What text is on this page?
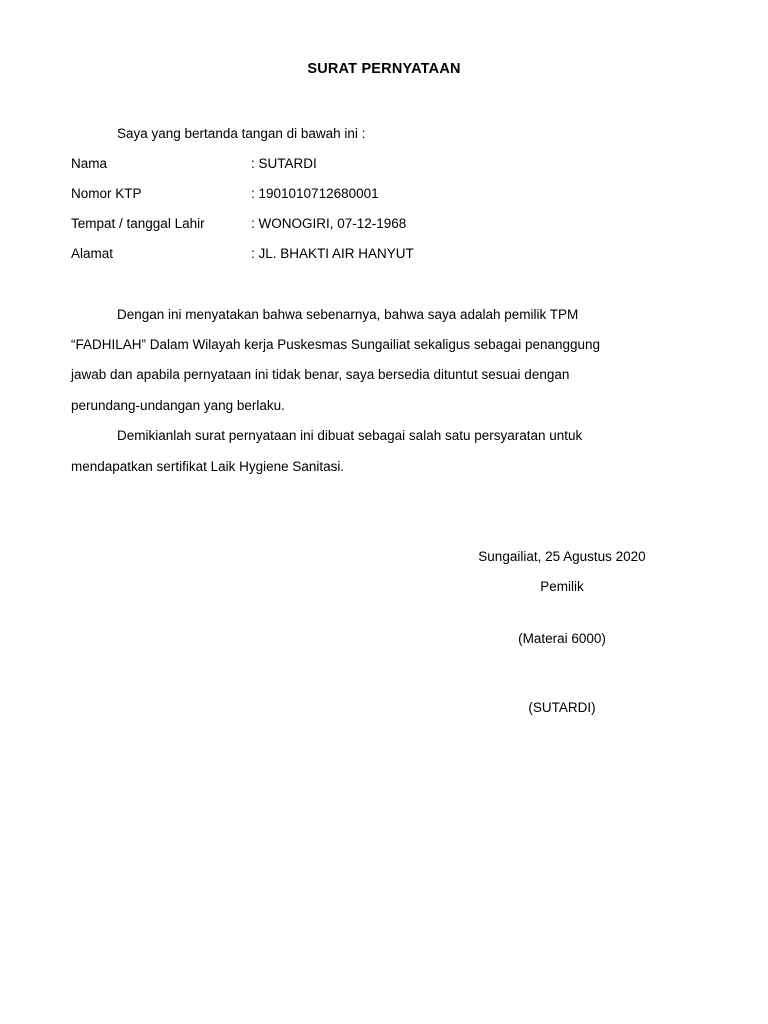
SURAT PERNYATAAN
Saya yang bertanda tangan di bawah ini :
Nama	: SUTARDI
Nomor KTP	: 1901010712680001
Tempat / tanggal Lahir	: WONOGIRI, 07-12-1968
Alamat	: JL. BHAKTI AIR HANYUT
Dengan ini menyatakan bahwa sebenarnya, bahwa saya adalah pemilik TPM
“FADHILAH” Dalam Wilayah kerja Puskesmas Sungailiat sekaligus sebagai penanggung
jawab dan apabila pernyataan ini tidak benar, saya bersedia dituntut sesuai dengan
perundang-undangan yang berlaku.
Demikianlah surat pernyataan ini dibuat sebagai salah satu persyaratan untuk
mendapatkan sertifikat Laik Hygiene Sanitasi.
Sungailiat, 25 Agustus 2020
Pemilik
(Materai 6000)
(SUTARDI)
